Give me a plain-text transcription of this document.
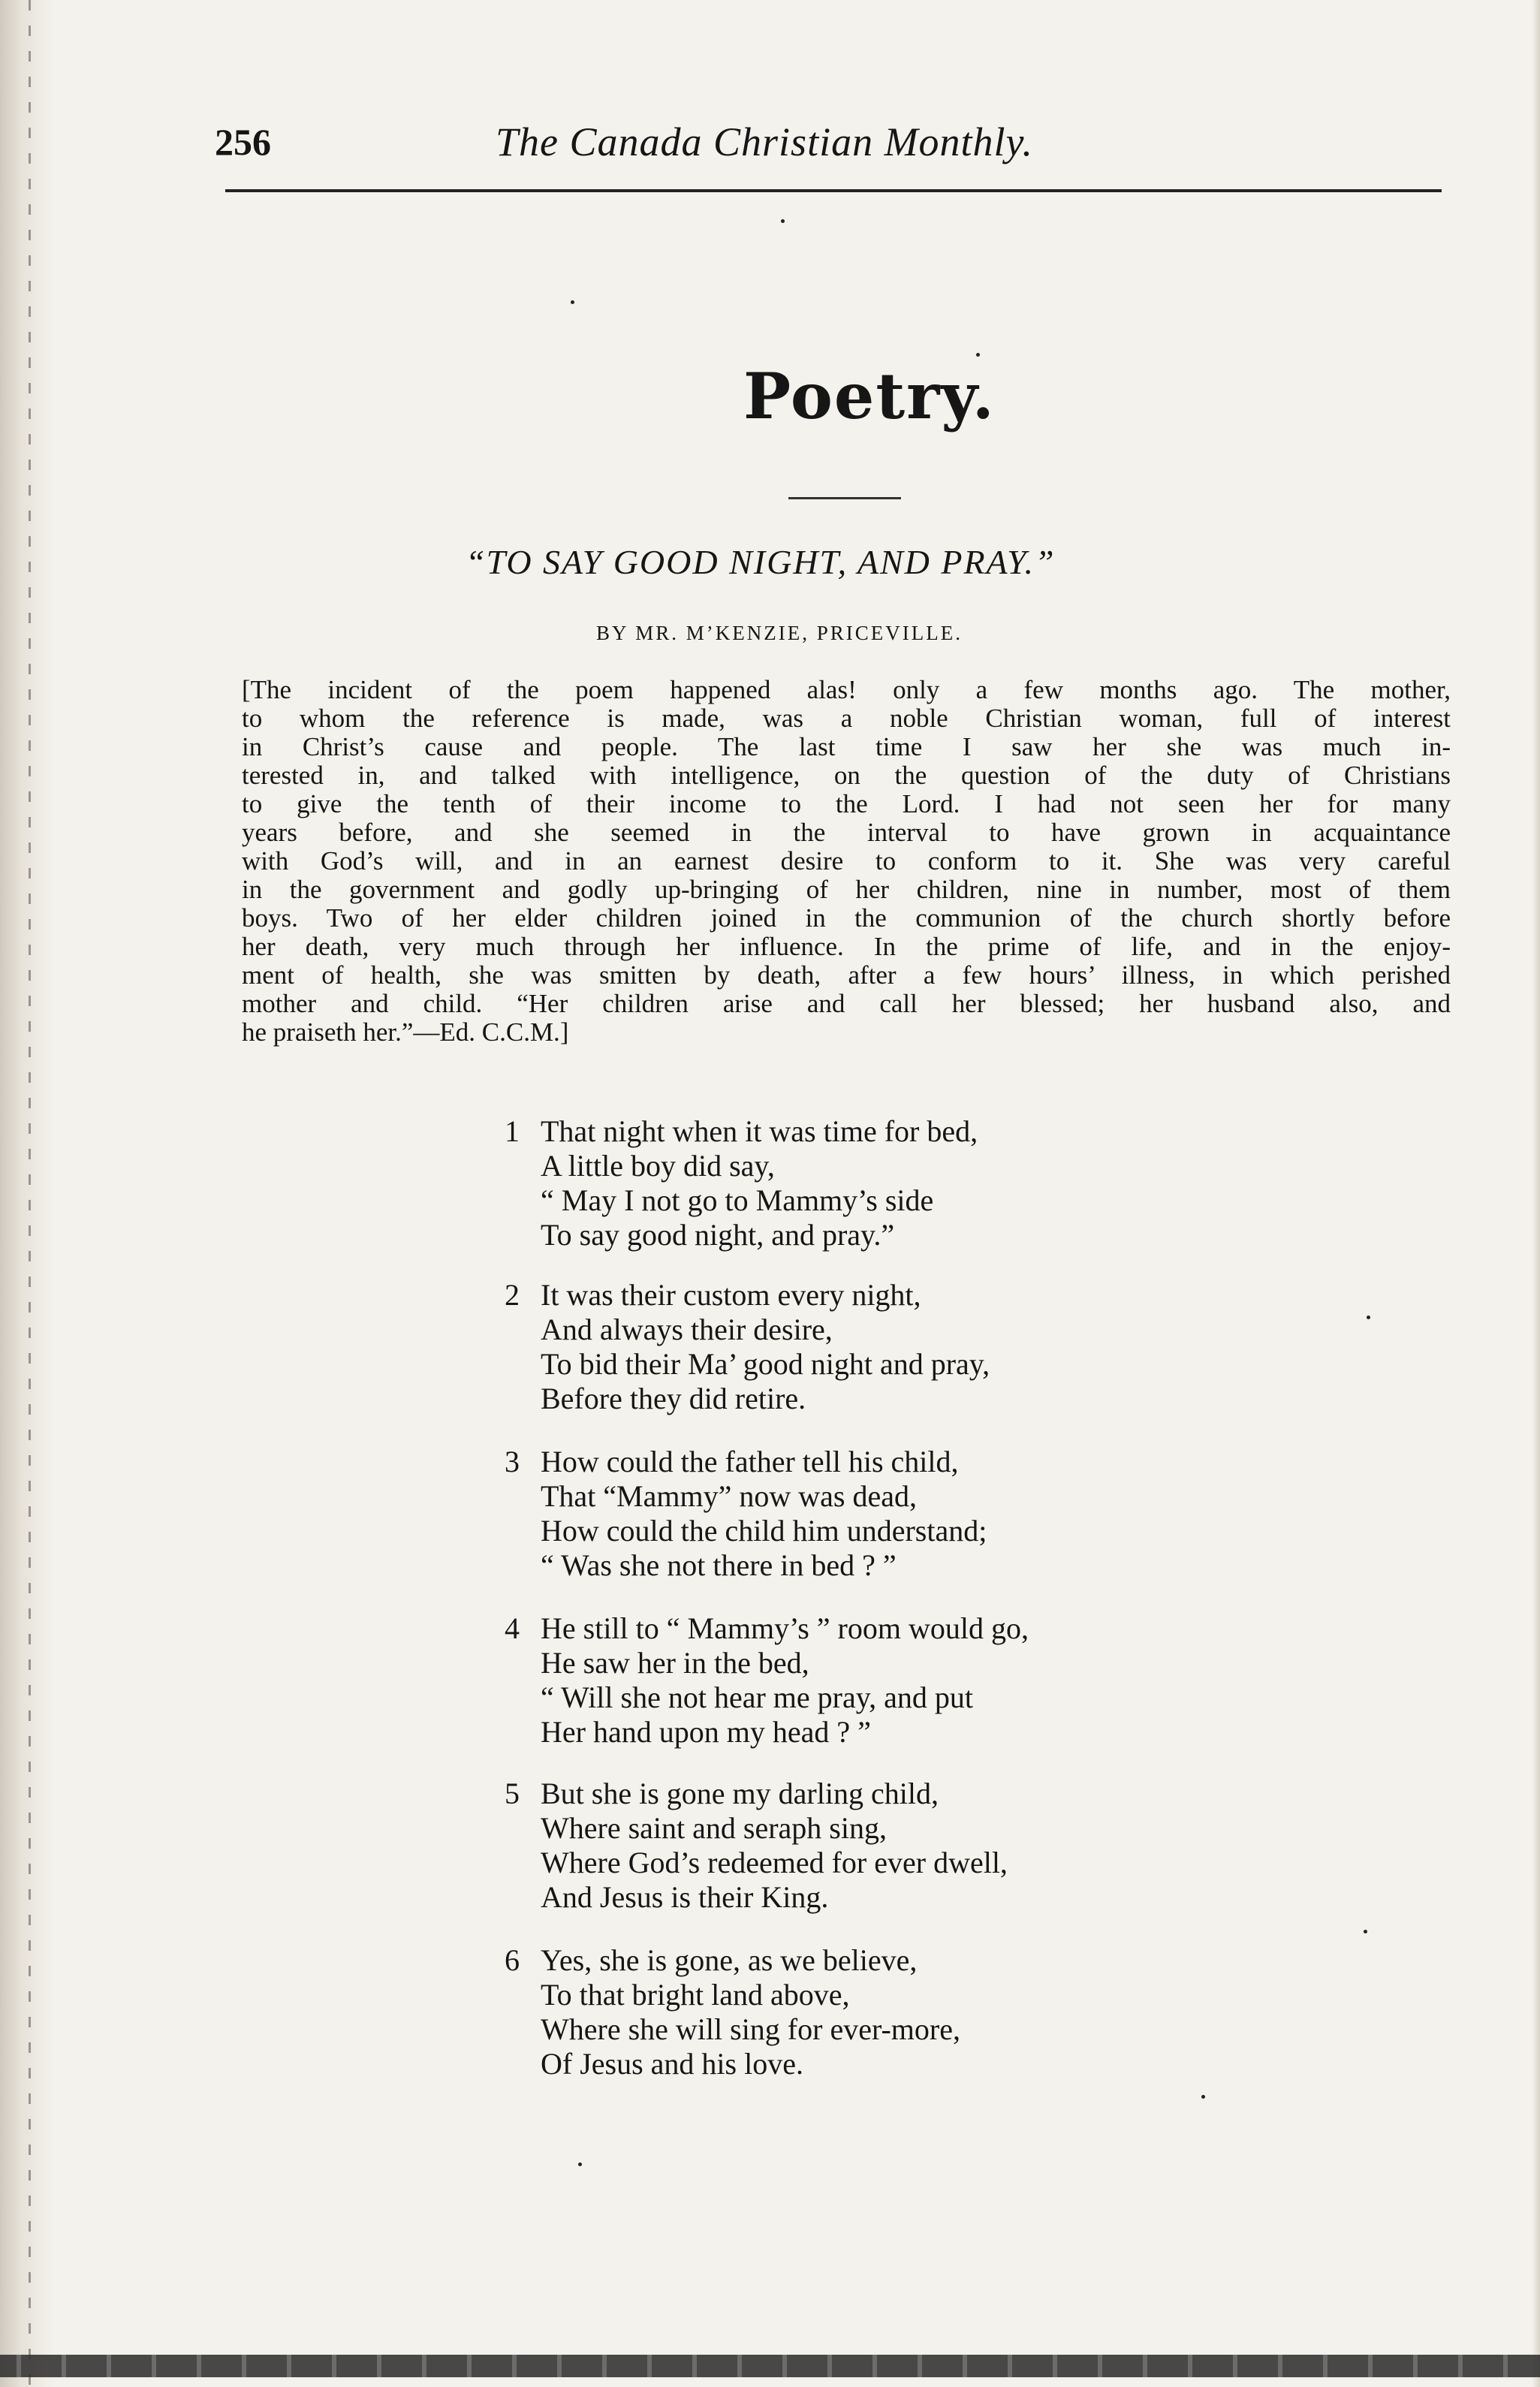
256	The Canada Christian Monthly.
Poetry.
“TO SAY GOOD NIGHT, AND PRAY.”
BY MR. M’KENZIE, PRICEVILLE.
[The incident of the poem happened alas! only a few months ago. The mother,
to whom the reference is made, was a noble Christian woman, full of interest
in Christ’s cause and people. The last time I saw her she was much in-
terested in, and talked with intelligence, on the question of the duty of Christians
to give the tenth of their income to the Lord. I had not seen her for many
years before, and she seemed in the interval to have grown in acquaintance
with God’s will, and in an earnest desire to conform to it. She was very careful
in the government and godly up-bringing of her children, nine in number, most of them
boys. Two of her elder children joined in the communion of the church shortly before
her death, very much through her influence. In the prime of life, and in the enjoy-
ment of health, she was smitten by death, after a few hours’ illness, in which perished
mother and child. “Her children arise and call her blessed; her husband also, and
he praiseth her.”—Ed. C.C.M.]
1 That night when it was time for bed,
A little boy did say,
“ May I not go to Mammy’s side
To say good night, and pray.”
2 It was their custom every night,
And always their desire,
To bid their Ma’ good night and pray,
Before they did retire.
3 How could the father tell his child,
That “Mammy” now was dead,
How could the child him understand;
“ Was she not there in bed ? ”
4 He still to “ Mammy’s ” room would go,
He saw her in the bed,
“ Will she not hear me pray, and put
Her hand upon my head ? ”
5 But she is gone my darling child,
Where saint and seraph sing,
Where God’s redeemed for ever dwell,
And Jesus is their King.
6 Yes, she is gone, as we believe,
To that bright land above,
Where she will sing for ever-more,
Of Jesus and his love.
